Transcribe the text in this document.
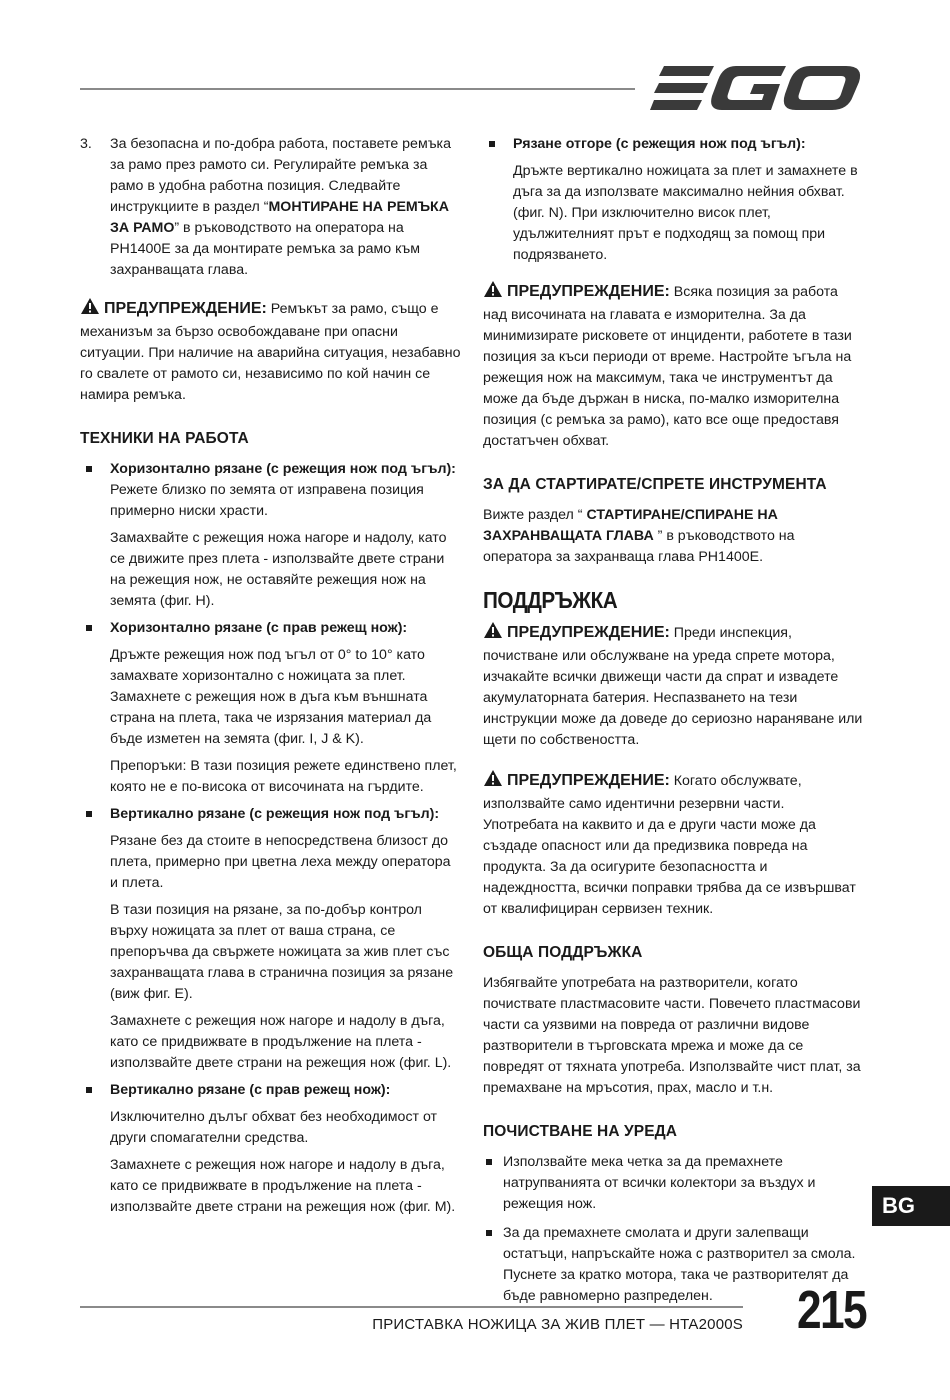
EGO
3.	За безопасна и по-добра работа, поставете ремъка за рамо през рамото си. Регулирайте ремъка за рамо в удобна работна позиция. Следвайте инструкциите в раздел “МОНТИРАНЕ НА РЕМЪКА ЗА РАМО” в ръководството на оператора на PH1400E за да монтирате ремъка за рамо към захранващата глава.

ПРЕДУПРЕЖДЕНИЕ: Ремъкът за рамо, също е механизъм за бързо освобождаване при опасни ситуации. При наличие на аварийна ситуация, незабавно го свалете от рамото си, независимо по кой начин се намира ремъка.

ТЕХНИКИ НА РАБОТА
Хоризонтално рязане (с режещия нож под ъгъл): Режете близко по земята от изправена позиция примерно ниски храсти.

Замахвайте с режещия ножа нагоре и надолу, като се движите през плета - използвайте двете страни на режещия нож, не оставяйте режещия нож на земята (фиг. H).

Хоризонтално рязане (с прав режещ нож):

Дръжте режещия нож под ъгъл от 0° to 10° като замахвате хоризонтално с ножицата за плет. Замахнете с режещия нож в дъга към външната страна на плета, така че изрязания материал да бъде изметен на земята (фиг. I, J & K).

Препоръки: В тази позиция режете единствено плет, която не е по-висока от височината на гърдите.

Вертикално рязане (с режещия нож под ъгъл):

Рязане без да стоите в непосредствена близост до плета, примерно при цветна леха между оператора и плета.

В тази позиция на рязане, за по-добър контрол върху ножицата за плет от ваша страна, се препоръчва да свържете ножицата за жив плет със захранващата глава в странична позиция за рязане (виж фиг. E).

Замахнете с режещия нож нагоре и надолу в дъга, като се придвижвате в продължение на плета - използвайте двете страни на режещия нож (фиг. L).

Вертикално рязане (с прав режещ нож):

Изключително дълъг обхват без необходимост от други спомагателни средства.

Замахнете с режещия нож нагоре и надолу в дъга, като се придвижвате в продължение на плета - използвайте двете страни на режещия нож (фиг. M).

Рязане отгоре (с режещия нож под ъгъл):

Дръжте вертикално ножицата за плет и замахнете в дъга за да използвате максимално нейния обхват. (фиг. N). При изключително висок плет, удължителният прът е подходящ за помощ при подрязването.

ПРЕДУПРЕЖДЕНИЕ: Всяка позиция за работа над височината на главата е изморителна. За да минимизирате рисковете от инциденти, работете в тази позиция за къси периоди от време. Настройте ъгъла на режещия нож на максимум, така че инструментът да може да бъде държан в ниска, по-малко изморителна позиция (с ремъка за рамо), като все още предоставя достатъчен обхват.

ЗА ДА СТАРТИРАТЕ/СПРЕТЕ ИНСТРУМЕНТА

Вижте раздел “ СТАРТИРАНЕ/СПИРАНЕ НА ЗАХРАНВАЩАТА ГЛАВА ” в ръководството на оператора за захранваща глава PH1400E.

ПОДДРЪЖКА

ПРЕДУПРЕЖДЕНИЕ: Преди инспекция, почистване или обслужване на уреда спрете мотора, изчакайте всички движещи части да спрат и извадете акумулаторната батерия. Неспазването на тези инструкции може да доведе до сериозно нараняване или щети по собствеността.

ПРЕДУПРЕЖДЕНИЕ: Когато обслужвате, използвайте само идентични резервни части. Употребата на каквито и да е други части може да създаде опасност или да предизвика повреда на продукта. За да осигурите безопасността и надеждността, всички поправки трябва да се извършват от квалифициран сервизен техник.

ОБЩА ПОДДРЪЖКА

Избягвайте употребата на разтворители, когато почиствате пластмасовите части. Повечето пластмасови части са уязвими на повреда от различни видове разтворители в търговската мрежа и може да се повредят от тяхната употреба. Използвайте чист плат, за премахване на мръсотия, прах, масло и т.н.

ПОЧИСТВАНЕ НА УРЕДА
Използвайте мека четка за да премахнете натрупванията от всички колектори за въздух и режещия нож.
За да премахнете смолата и други залепващи остатъци, напръскайте ножа с разтворител за смола. Пуснете за кратко мотора, така че разтворителят да бъде равномерно разпределен.
BG
ПРИСТАВКА НОЖИЦА ЗА ЖИВ ПЛЕТ — HTA2000S 215
